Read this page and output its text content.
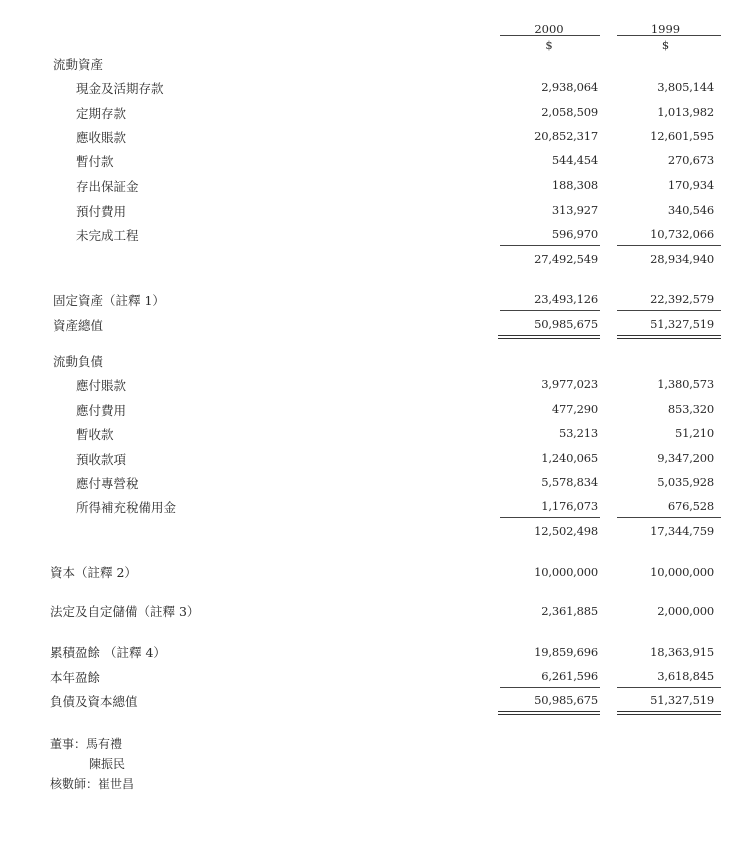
2000	1999
$	$
流動資產
現金及活期存款	2,938,064	3,805,144
定期存款	2,058,509	1,013,982
應收賬款	20,852,317	12,601,595
暫付款	544,454	270,673
存出保証金	188,308	170,934
預付費用	313,927	340,546
未完成工程	596,970	10,732,066
27,492,549	28,934,940
固定資產（註釋 1）	23,493,126	22,392,579
資產總值	50,985,675	51,327,519
流動負債
應付賬款	3,977,023	1,380,573
應付費用	477,290	853,320
暫收款	53,213	51,210
預收款項	1,240,065	9,347,200
應付專營稅	5,578,834	5,035,928
所得補充稅備用金	1,176,073	676,528
12,502,498	17,344,759
資本（註釋 2）	10,000,000	10,000,000
法定及自定儲備（註釋 3）	2,361,885	2,000,000
累積盈餘 （註釋 4）	19,859,696	18,363,915
本年盈餘	6,261,596	3,618,845
負債及資本總值	50,985,675	51,327,519
董事：馬有禮
陳振民
核數師：崔世昌
